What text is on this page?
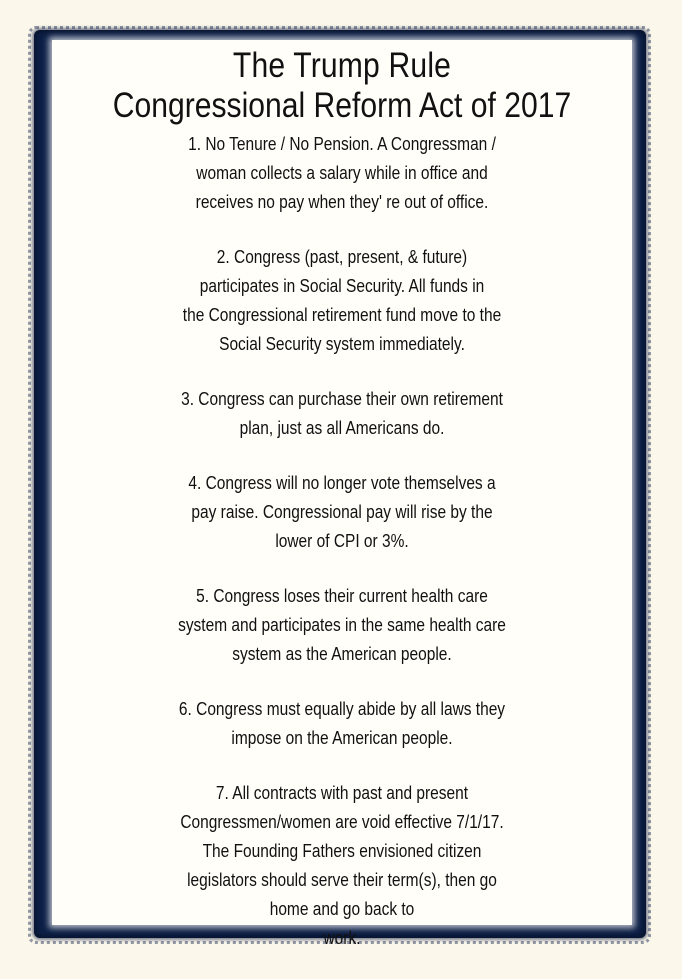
The Trump Rule
Congressional Reform Act of 2017
1. No Tenure / No Pension. A Congressman /
woman collects a salary while in office and
receives no pay when they' re out of office.
2. Congress (past, present, & future)
participates in Social Security. All funds in
the Congressional retirement fund move to the
Social Security system immediately.
3. Congress can purchase their own retirement
plan, just as all Americans do.
4. Congress will no longer vote themselves a
pay raise. Congressional pay will rise by the
lower of CPI or 3%.
5. Congress loses their current health care
system and participates in the same health care
system as the American people.
6. Congress must equally abide by all laws they
impose on the American people.
7. All contracts with past and present
Congressmen/women are void effective 7/1/17.
The Founding Fathers envisioned citizen
legislators should serve their term(s), then go
home and go back to
work.
